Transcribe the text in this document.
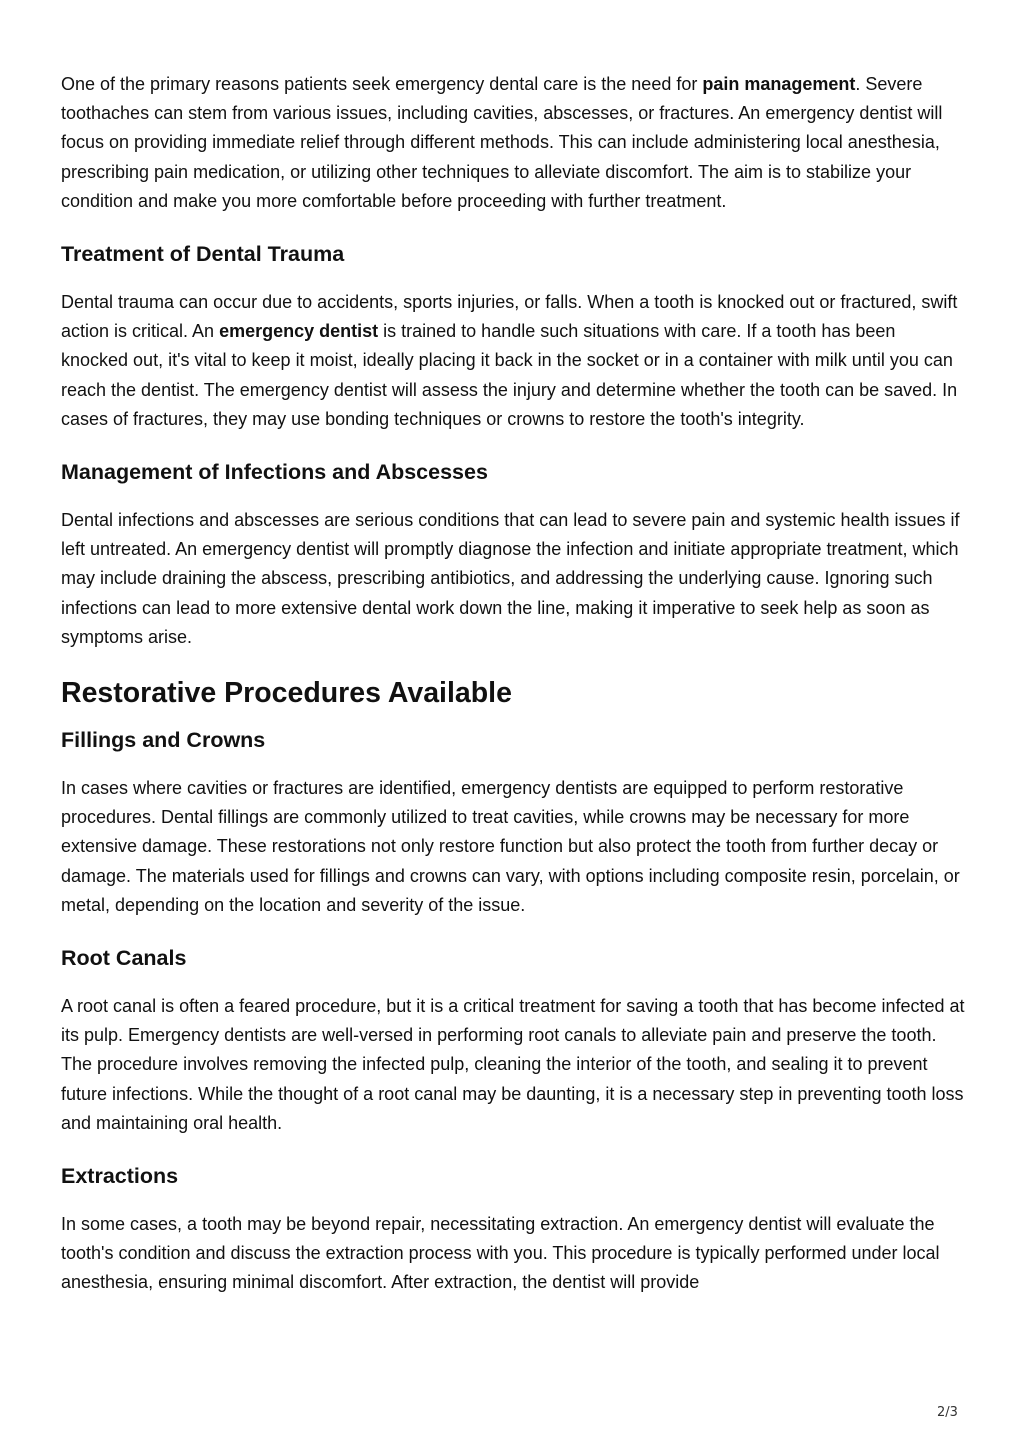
One of the primary reasons patients seek emergency dental care is the need for pain management. Severe toothaches can stem from various issues, including cavities, abscesses, or fractures. An emergency dentist will focus on providing immediate relief through different methods. This can include administering local anesthesia, prescribing pain medication, or utilizing other techniques to alleviate discomfort. The aim is to stabilize your condition and make you more comfortable before proceeding with further treatment.

Treatment of Dental Trauma

Dental trauma can occur due to accidents, sports injuries, or falls. When a tooth is knocked out or fractured, swift action is critical. An emergency dentist is trained to handle such situations with care. If a tooth has been knocked out, it's vital to keep it moist, ideally placing it back in the socket or in a container with milk until you can reach the dentist. The emergency dentist will assess the injury and determine whether the tooth can be saved. In cases of fractures, they may use bonding techniques or crowns to restore the tooth's integrity.

Management of Infections and Abscesses

Dental infections and abscesses are serious conditions that can lead to severe pain and systemic health issues if left untreated. An emergency dentist will promptly diagnose the infection and initiate appropriate treatment, which may include draining the abscess, prescribing antibiotics, and addressing the underlying cause. Ignoring such infections can lead to more extensive dental work down the line, making it imperative to seek help as soon as symptoms arise.

Restorative Procedures Available
Fillings and Crowns

In cases where cavities or fractures are identified, emergency dentists are equipped to perform restorative procedures. Dental fillings are commonly utilized to treat cavities, while crowns may be necessary for more extensive damage. These restorations not only restore function but also protect the tooth from further decay or damage. The materials used for fillings and crowns can vary, with options including composite resin, porcelain, or metal, depending on the location and severity of the issue.

Root Canals

A root canal is often a feared procedure, but it is a critical treatment for saving a tooth that has become infected at its pulp. Emergency dentists are well-versed in performing root canals to alleviate pain and preserve the tooth. The procedure involves removing the infected pulp, cleaning the interior of the tooth, and sealing it to prevent future infections. While the thought of a root canal may be daunting, it is a necessary step in preventing tooth loss and maintaining oral health.

Extractions

In some cases, a tooth may be beyond repair, necessitating extraction. An emergency dentist will evaluate the tooth's condition and discuss the extraction process with you. This procedure is typically performed under local anesthesia, ensuring minimal discomfort. After extraction, the dentist will provide

2/3
